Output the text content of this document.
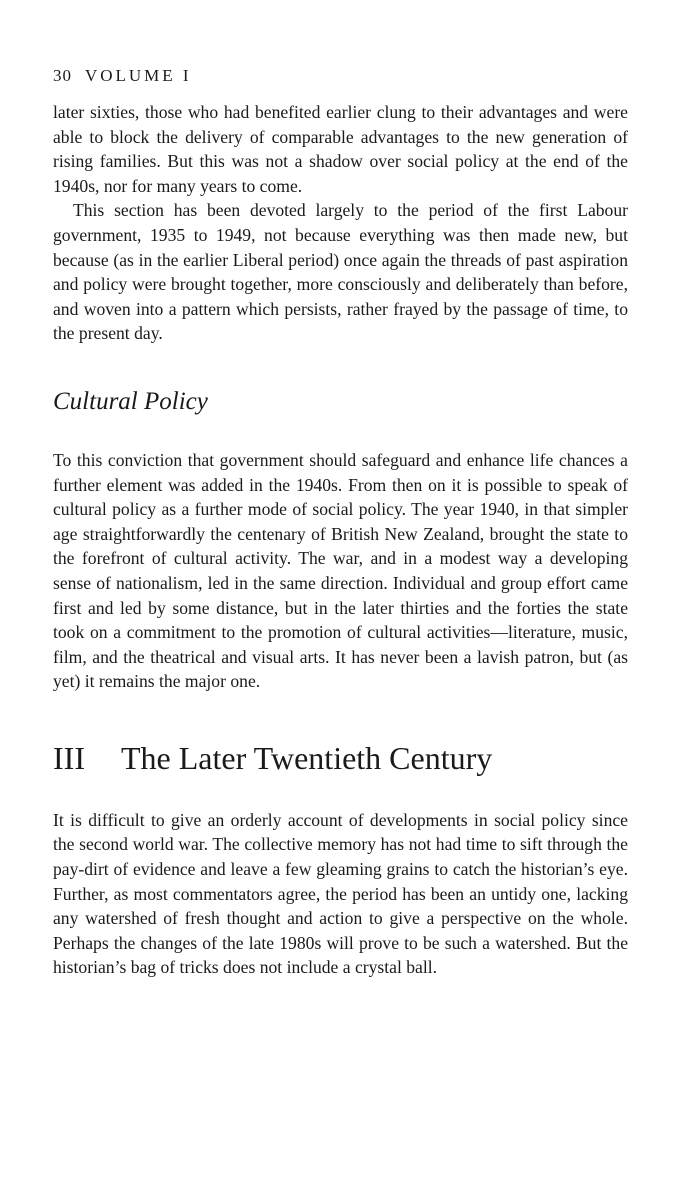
30 VOLUME I

later sixties, those who had benefited earlier clung to their advantages and were able to block the delivery of comparable advantages to the new generation of rising families. But this was not a shadow over social policy at the end of the 1940s, nor for many years to come.

This section has been devoted largely to the period of the first Labour government, 1935 to 1949, not because everything was then made new, but because (as in the earlier Liberal period) once again the threads of past aspiration and policy were brought together, more consciously and deliberately than before, and woven into a pattern which persists, rather frayed by the passage of time, to the present day.

Cultural Policy

To this conviction that government should safeguard and enhance life chances a further element was added in the 1940s. From then on it is possible to speak of cultural policy as a further mode of social policy. The year 1940, in that simpler age straightforwardly the centenary of British New Zealand, brought the state to the forefront of cultural activity. The war, and in a modest way a developing sense of nationalism, led in the same direction. Individual and group effort came first and led by some distance, but in the later thirties and the forties the state took on a commitment to the promotion of cultural activities—literature, music, film, and the theatrical and visual arts. It has never been a lavish patron, but (as yet) it remains the major one.

III The Later Twentieth Century

It is difficult to give an orderly account of developments in social policy since the second world war. The collective memory has not had time to sift through the pay-dirt of evidence and leave a few gleaming grains to catch the historian’s eye. Further, as most commentators agree, the period has been an untidy one, lacking any watershed of fresh thought and action to give a perspective on the whole. Perhaps the changes of the late 1980s will prove to be such a watershed. But the historian’s bag of tricks does not include a crystal ball.
